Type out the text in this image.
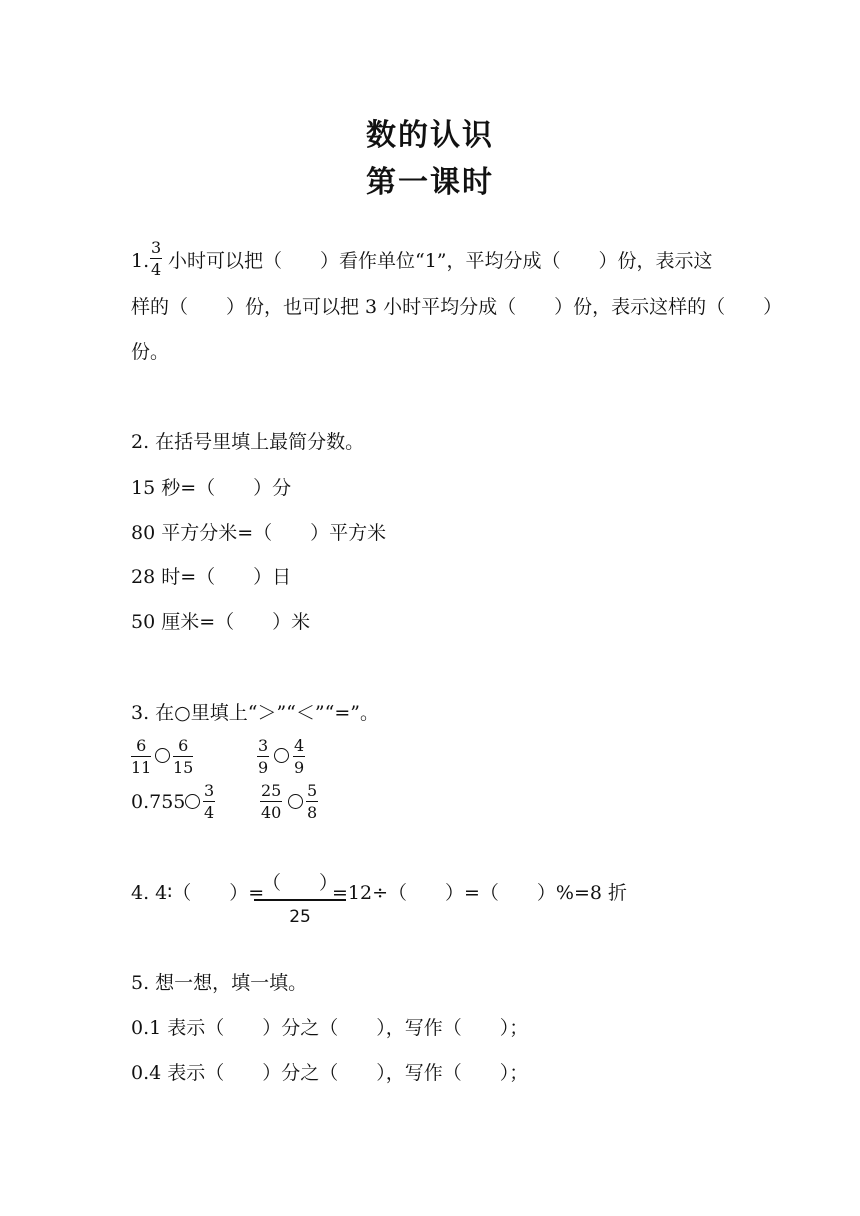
数的认识
第一课时
1. $\frac{3}{4}$ 小时可以把（　　）看作单位“1”，平均分成（　　）份，表示这
样的（　　）份，也可以把 3 小时平均分成（　　）份，表示这样的（　　）
份。
2. 在括号里填上最简分数。
15 秒=（　　）分
80 平方分米=（　　）平方米
28 时=（　　）日
50 厘米=（　　）米
3. 在○里填上“＞”“＜”“=”。
$\frac{6}{11} \frac{6}{15}$	$\frac{3}{9} \frac{4}{9}$
$0.755 \frac{3}{4}$	$\frac{25}{40} \frac{5}{8}$
4. 4∶（　　）=
（　　）
25
=12÷（　　）=（　　）%=8 折
5. 想一想，填一填。
0.1 表示（　　）分之（　　），写作（　　）；
0.4 表示（　　）分之（　　），写作（　　）；
